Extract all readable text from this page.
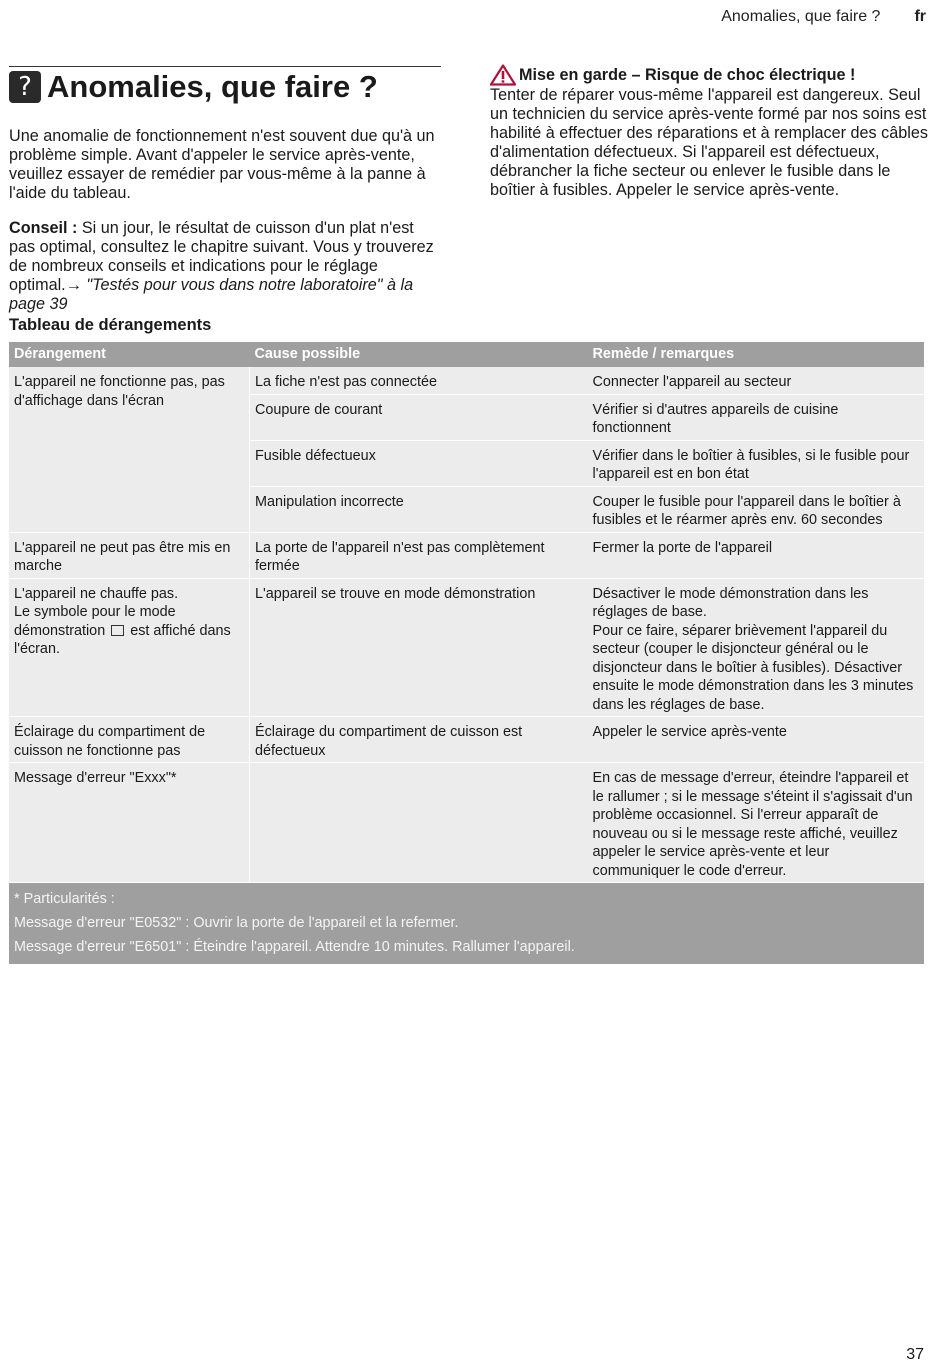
Anomalies, que faire ? fr
? Anomalies, que faire ?

Une anomalie de fonctionnement n'est souvent due qu'à un problème simple. Avant d'appeler le service après-vente, veuillez essayer de remédier par vous-même à la panne à l'aide du tableau.

Conseil : Si un jour, le résultat de cuisson d'un plat n'est pas optimal, consultez le chapitre suivant. Vous y trouverez de nombreux conseils et indications pour le réglage optimal.→ "Testés pour vous dans notre laboratoire" à la page 39

Mise en garde – Risque de choc électrique !
Tenter de réparer vous-même l'appareil est dangereux. Seul un technicien du service après-vente formé par nos soins est habilité à effectuer des réparations et à remplacer des câbles d'alimentation défectueux. Si l'appareil est défectueux, débrancher la fiche secteur ou enlever le fusible dans le boîtier à fusibles. Appeler le service après-vente.
Tableau de dérangements
Dérangement	Cause possible	Remède / remarques
L'appareil ne fonctionne pas, pas d'affichage dans l'écran	La fiche n'est pas connectée	Connecter l'appareil au secteur
	Coupure de courant	Vérifier si d'autres appareils de cuisine fonctionnent
	Fusible défectueux	Vérifier dans le boîtier à fusibles, si le fusible pour l'appareil est en bon état
	Manipulation incorrecte	Couper le fusible pour l'appareil dans le boîtier à fusibles et le réarmer après env. 60 secondes
L'appareil ne peut pas être mis en marche	La porte de l'appareil n'est pas complètement fermée	Fermer la porte de l'appareil
L'appareil ne chauffe pas.
Le symbole pour le mode démonstration  est affiché dans l'écran.	L'appareil se trouve en mode démonstration	Désactiver le mode démonstration dans les réglages de base.
Pour ce faire, séparer brièvement l'appareil du secteur (couper le disjoncteur général ou le disjoncteur dans le boîtier à fusibles). Désactiver ensuite le mode démonstration dans les 3 minutes dans les réglages de base.
Éclairage du compartiment de cuisson ne fonctionne pas	Éclairage du compartiment de cuisson est défectueux	Appeler le service après-vente
Message d'erreur "Exxx"*		En cas de message d'erreur, éteindre l'appareil et le rallumer ; si le message s'éteint il s'agissait d'un problème occasionnel. Si l'erreur apparaît de nouveau ou si le message reste affiché, veuillez appeler le service après-vente et leur communiquer le code d'erreur.

* Particularités :
Message d'erreur "E0532" : Ouvrir la porte de l'appareil et la refermer.
Message d'erreur "E6501" : Éteindre l'appareil. Attendre 10 minutes. Rallumer l'appareil.		
37
